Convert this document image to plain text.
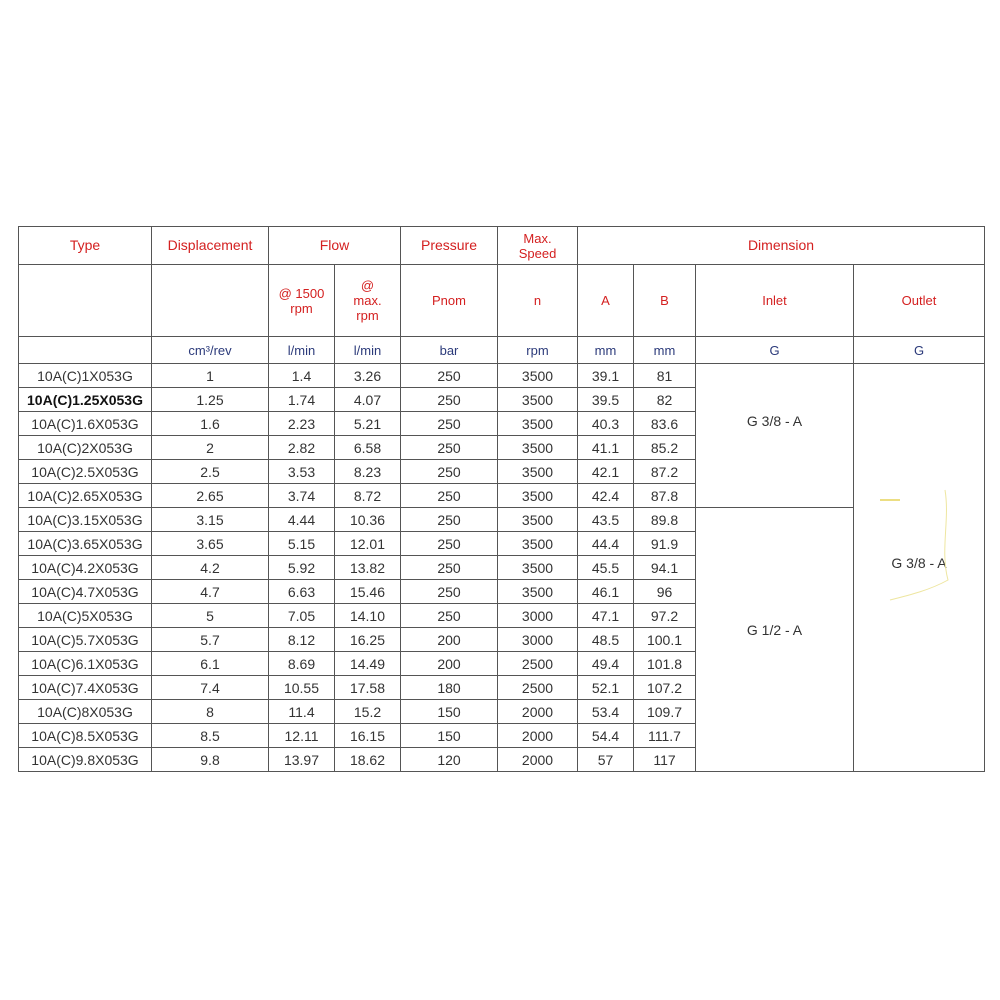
Type	Displacement	Flow		Pressure	Max. Speed	Dimension			
		@ 1500 rpm	@ max. rpm	Pnom	n	A	B	Inlet	Outlet
	cm³/rev	l/min	l/min	bar	rpm	mm	mm	G	G
10A(C)1X053G	1	1.4	3.26	250	3500	39.1	81	G 3/8 - A	G 3/8 - A
10A(C)1.25X053G	1.25	1.74	4.07	250	3500	39.5	82		
10A(C)1.6X053G	1.6	2.23	5.21	250	3500	40.3	83.6		
10A(C)2X053G	2	2.82	6.58	250	3500	41.1	85.2		
10A(C)2.5X053G	2.5	3.53	8.23	250	3500	42.1	87.2		
10A(C)2.65X053G	2.65	3.74	8.72	250	3500	42.4	87.8		
10A(C)3.15X053G	3.15	4.44	10.36	250	3500	43.5	89.8	G 1/2 - A	
10A(C)3.65X053G	3.65	5.15	12.01	250	3500	44.4	91.9		
10A(C)4.2X053G	4.2	5.92	13.82	250	3500	45.5	94.1		
10A(C)4.7X053G	4.7	6.63	15.46	250	3500	46.1	96		
10A(C)5X053G	5	7.05	14.10	250	3000	47.1	97.2		
10A(C)5.7X053G	5.7	8.12	16.25	200	3000	48.5	100.1		
10A(C)6.1X053G	6.1	8.69	14.49	200	2500	49.4	101.8		
10A(C)7.4X053G	7.4	10.55	17.58	180	2500	52.1	107.2		
10A(C)8X053G	8	11.4	15.2	150	2000	53.4	109.7		
10A(C)8.5X053G	8.5	12.11	16.15	150	2000	54.4	111.7		
10A(C)9.8X053G	9.8	13.97	18.62	120	2000	57	117		
